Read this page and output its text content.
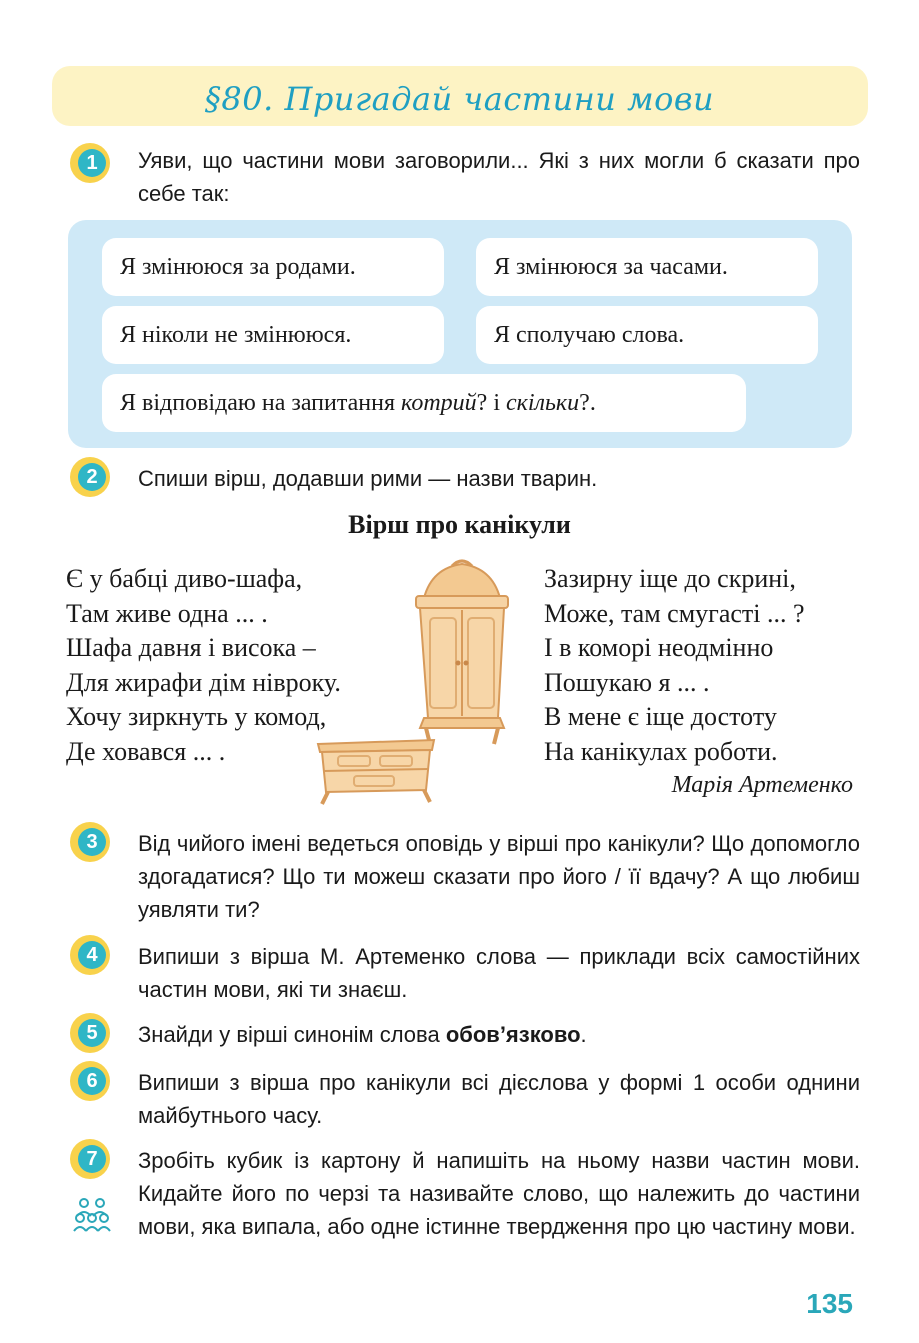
§80. Пригадай частини мови
1	Уяви, що частини мови заговорили... Які з них могли б сказати про себе так:
Я змінююся за родами.	Я змінююся за часами.
Я ніколи не змінююся.	Я сполучаю слова.
Я відповідаю на запитання котрий? і скільки?.
2	Спиши вірш, додавши рими — назви тварин.
Вірш про канікули
Є у бабці диво-шафа,
Там живе одна ... .
Шафа давня і висока –
Для жирафи дім нівроку.
Хочу зиркнуть у комод,
Де ховався ... .
Зазирну іще до скрині,
Може, там смугасті ... ?
І в коморі неодмінно
Пошукаю я ... .
В мене є іще достоту
На канікулах роботи.
Марія Артеменко
3	Від чийого імені ведеться оповідь у вірші про канікули? Що допомогло здогадатися? Що ти можеш сказати про його / її вдачу? А що любиш уявляти ти?
4	Випиши з вірша М. Артеменко слова — приклади всіх самостійних частин мови, які ти знаєш.
5	Знайди у вірші синонім слова обов’язково.
6	Випиши з вірша про канікули всі дієслова у формі 1 особи однини майбутнього часу.
7	Зробіть кубик із картону й напишіть на ньому назви частин мови. Кидайте його по черзі та називайте слово, що належить до частини мови, яка випала, або одне істинне твердження про цю частину мови.
135
